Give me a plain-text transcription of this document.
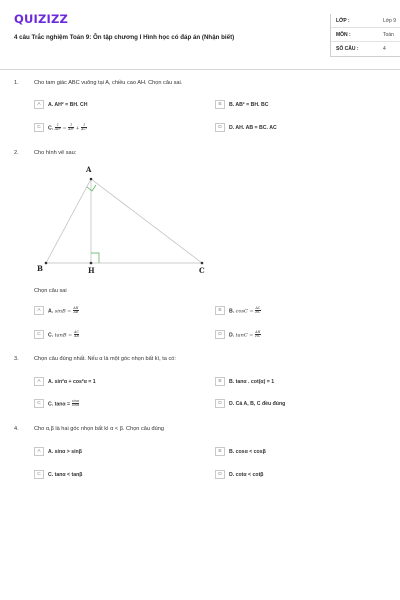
QUIZIZZ
4 câu Trắc nghiệm Toán 9: Ôn tập chương I Hình học có đáp án (Nhận biết)
LỚP :	Lớp 9
MÔN :	Toán
SỐ CÂU :	4
1.	Cho tam giác ABC vuông tại A, chiều cao AH. Chọn câu sai.
A	A. AH² = BH. CH	B	B. AB² = BH. BC
C	C. $\frac{1}{\text{AH²}} = \frac{1}{\text{AB²}} + \frac{1}{\text{AC²}}$	D	D. AH. AB = BC. AC
2.	Cho hình vẽ sau:
A
B	H	C
Chọn câu sai
A	A. $\sin B = \frac{AH}{AB}$	B	B. $\cos C = \frac{AC}{BC}$
C	C. $\tan B = \frac{AC}{AB}$	D	D. $\tan C = \frac{AH}{HC}$
3.	Chọn câu đúng nhất. Nếu α là một góc nhọn bất kì, ta có:
A	A. sin²α + cos²α = 1	B	B. tanα . cot(α) = 1
C	C. $\tan\alpha = \frac{\sin\alpha}{\cos\alpha}$	D	D. Cả A, B, C đều đúng
4.	Cho α,β là hai góc nhọn bất kì α < β. Chọn câu đúng
A	A. sinα > sinβ	B	B. cosα < cosβ
C	C. tanα < tanβ	D	D. cotα < cotβ
